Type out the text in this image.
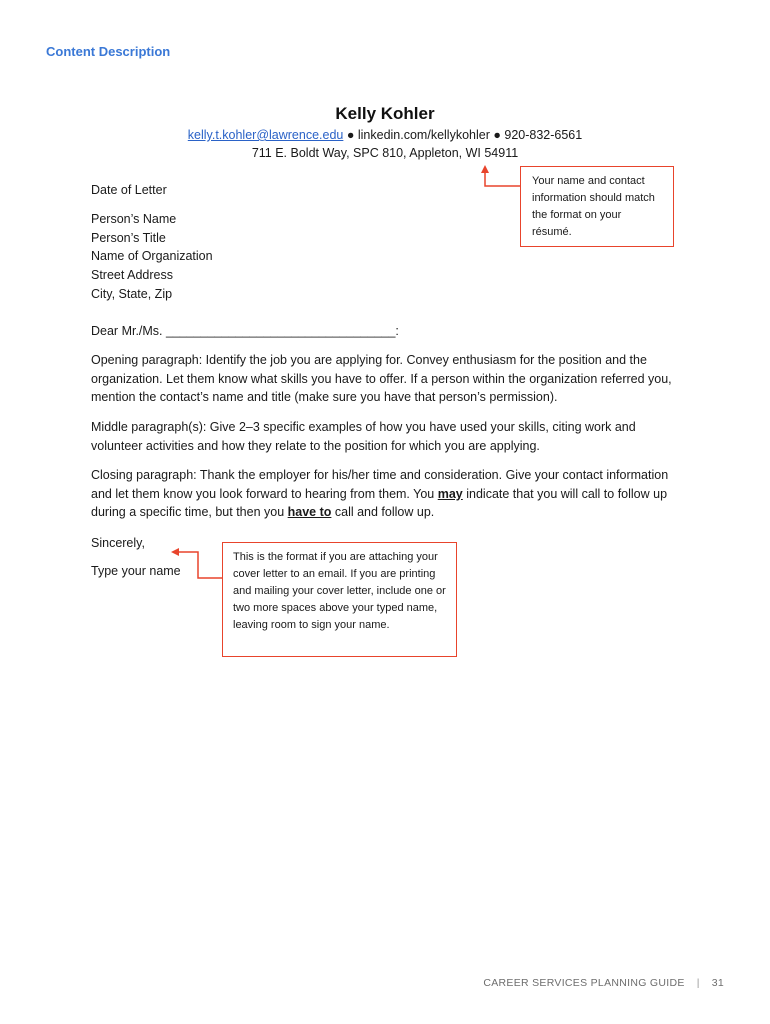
Content Description
Kelly Kohler
kelly.t.kohler@lawrence.edu ● linkedin.com/kellykohler ● 920-832-6561
711 E. Boldt Way, SPC 810, Appleton, WI 54911
Date of Letter
Person’s Name
Person’s Title
Name of Organization
Street Address
City, State, Zip
Dear Mr./Ms. _________________________________:
Opening paragraph: Identify the job you are applying for. Convey enthusiasm for the position and the organization. Let them know what skills you have to offer. If a person within the organization referred you, mention the contact’s name and title (make sure you have that person’s permission).
Middle paragraph(s): Give 2–3 specific examples of how you have used your skills, citing work and volunteer activities and how they relate to the position for which you are applying.
Closing paragraph: Thank the employer for his/her time and consideration. Give your contact information and let them know you look forward to hearing from them. You may indicate that you will call to follow up during a specific time, but then you have to call and follow up.
Sincerely,
Type your name
Your name and contact information should match the format on your résumé.
This is the format if you are attaching your cover letter to an email. If you are printing and mailing your cover letter, include one or two more spaces above your typed name, leaving room to sign your name.
CAREER SERVICES PLANNING GUIDE | 31
